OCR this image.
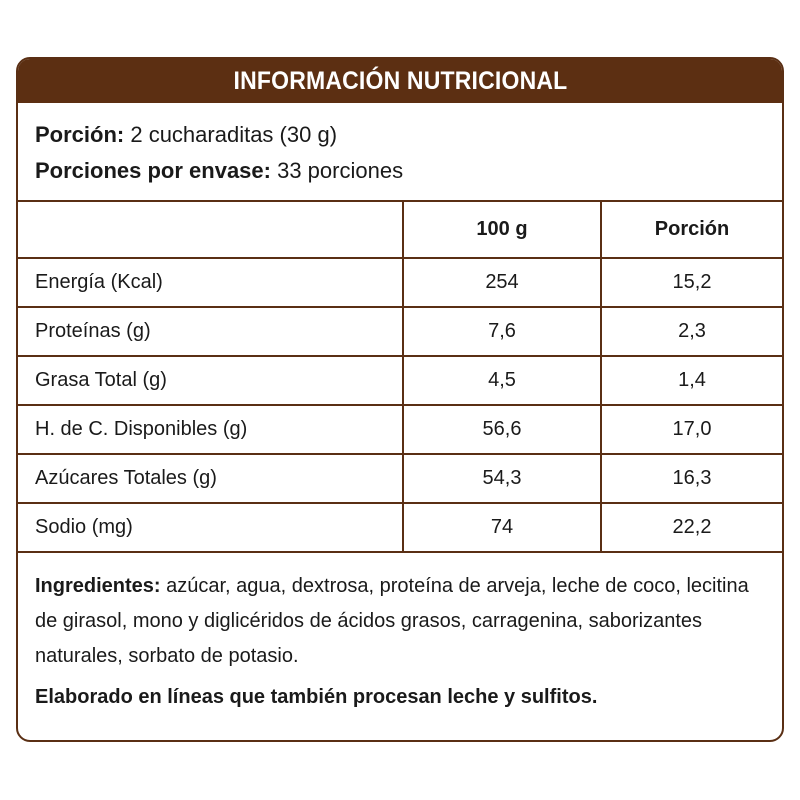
INFORMACIÓN NUTRICIONAL
Porción: 2 cucharaditas (30 g)
Porciones por envase: 33 porciones
	100 g	Porción
Energía (Kcal)	254	15,2
Proteínas (g)	7,6	2,3
Grasa Total (g)	4,5	1,4
H. de C. Disponibles (g)	56,6	17,0
Azúcares Totales (g)	54,3	16,3
Sodio (mg)	74	22,2
Ingredientes: azúcar, agua, dextrosa, proteína de arveja, leche de coco, lecitina de girasol, mono y diglicéridos de ácidos grasos, carragenina, saborizantes naturales, sorbato de potasio.
Elaborado en líneas que también procesan leche y sulfitos.
